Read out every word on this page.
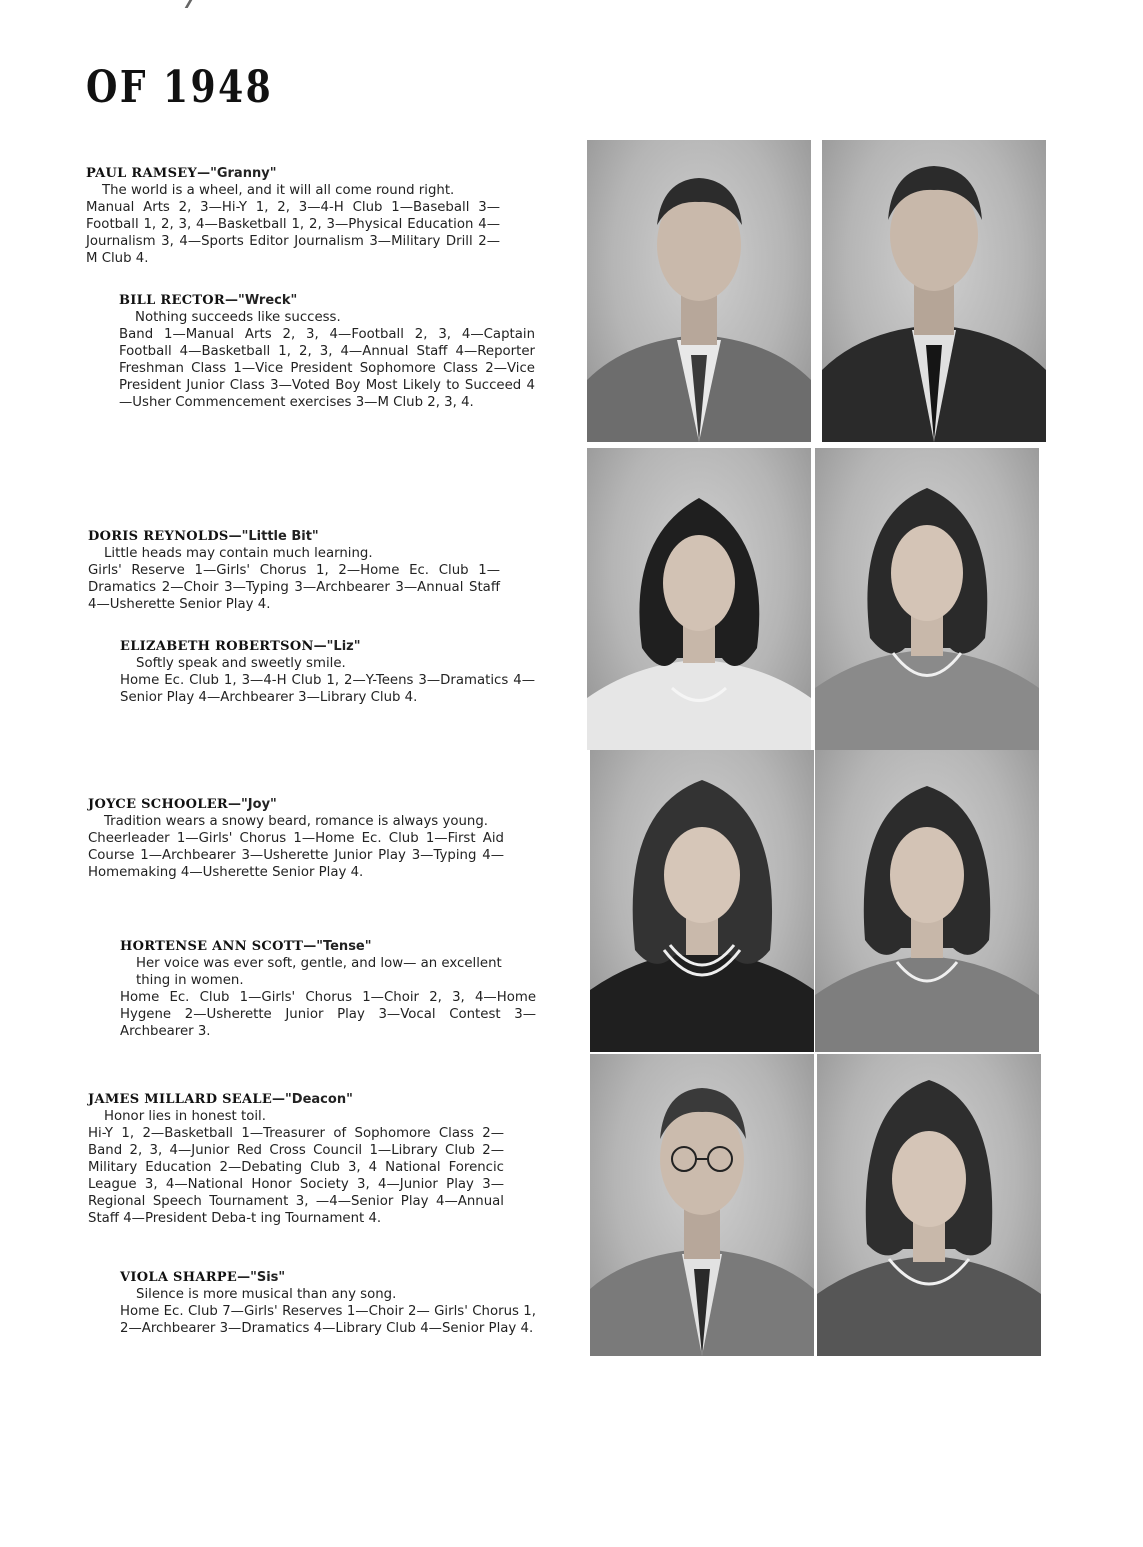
OF 1948
PAUL RAMSEY—"Granny"
The world is a wheel, and it will all come round right.
Manual Arts 2, 3—Hi-Y 1, 2, 3—4-H Club 1—Baseball 3—Football 1, 2, 3, 4—Basketball 1, 2, 3—Physical Education 4—Journalism 3, 4—Sports Editor Journalism 3—Military Drill 2—M Club 4.
BILL RECTOR—"Wreck"
Nothing succeeds like success.
Band 1—Manual Arts 2, 3, 4—Football 2, 3, 4—Captain Football 4—Basketball 1, 2, 3, 4—Annual Staff 4—Reporter Freshman Class 1—Vice President Sophomore Class 2—Vice President Junior Class 3—Voted Boy Most Likely to Succeed 4—Usher Commencement exercises 3—M Club 2, 3, 4.
DORIS REYNOLDS—"Little Bit"
Little heads may contain much learning.
Girls' Reserve 1—Girls' Chorus 1, 2—Home Ec. Club 1—Dramatics 2—Choir 3—Typing 3—Archbearer 3—Annual Staff 4—Usherette Senior Play 4.
ELIZABETH ROBERTSON—"Liz"
Softly speak and sweetly smile.
Home Ec. Club 1, 3—4-H Club 1, 2—Y-Teens 3—Dramatics 4—Senior Play 4—Archbearer 3—Library Club 4.
JOYCE SCHOOLER—"Joy"
Tradition wears a snowy beard, romance is always young.
Cheerleader 1—Girls' Chorus 1—Home Ec. Club 1—First Aid Course 1—Archbearer 3—Usherette Junior Play 3—Typing 4—Homemaking 4—Usherette Senior Play 4.
HORTENSE ANN SCOTT—"Tense"
Her voice was ever soft, gentle, and low— an excellent thing in women.
Home Ec. Club 1—Girls' Chorus 1—Choir 2, 3, 4—Home Hygene 2—Usherette Junior Play 3—Vocal Contest 3—Archbearer 3.
JAMES MILLARD SEALE—"Deacon"
Honor lies in honest toil.
Hi-Y 1, 2—Basketball 1—Treasurer of Sophomore Class 2—Band 2, 3, 4—Junior Red Cross Council 1—Library Club 2—Military Education 2—Debating Club 3, 4 National Forencic League 3, 4—National Honor Society 3, 4—Junior Play 3—Regional Speech Tournament 3, —4—Senior Play 4—Annual Staff 4—President Deba-t ing Tournament 4.
VIOLA SHARPE—"Sis"
Silence is more musical than any song.
Home Ec. Club 7—Girls' Reserves 1—Choir 2— Girls' Chorus 1, 2—Archbearer 3—Dramatics 4—Library Club 4—Senior Play 4.
